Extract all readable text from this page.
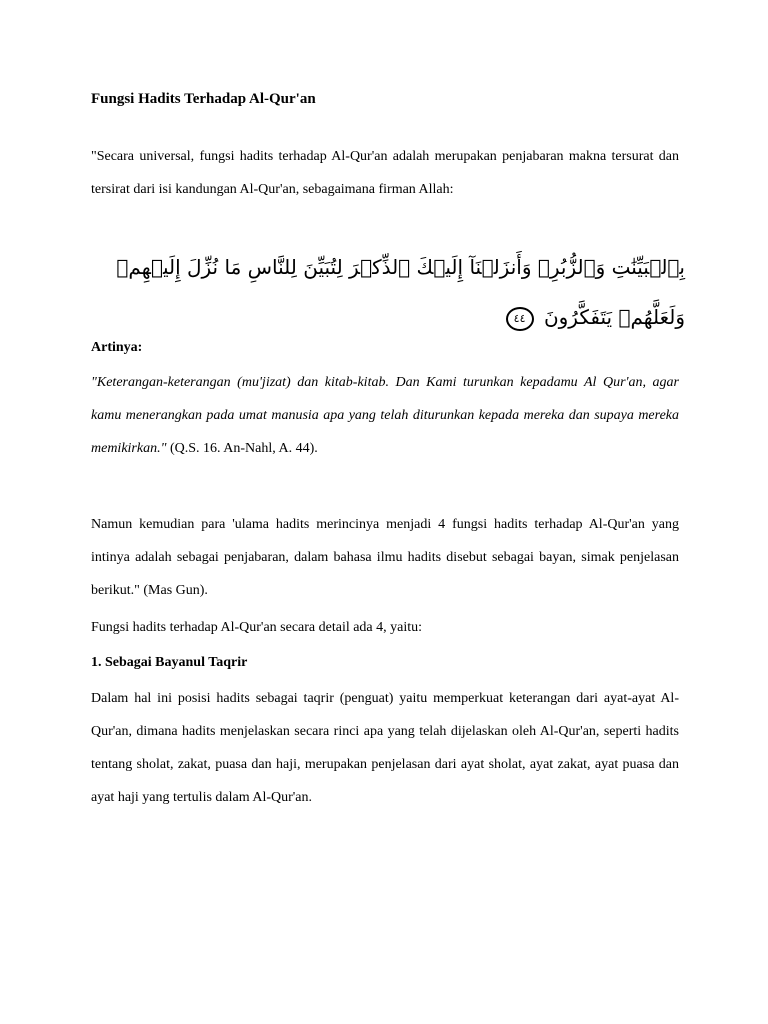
Fungsi Hadits Terhadap Al-Qur'an

"Secara universal, fungsi hadits terhadap Al-Qur'an adalah merupakan penjabaran makna tersurat dan tersirat dari isi kandungan Al-Qur'an, sebagaimana firman Allah:

بِٱلۡبَيِّنَٰتِ وَٱلزُّبُرِۗ وَأَنزَلۡنَآ إِلَيۡكَ ٱلذِّكۡرَ لِتُبَيِّنَ لِلنَّاسِ مَا نُزِّلَ إِلَيۡهِمۡ وَلَعَلَّهُمۡ يَتَفَكَّرُونَ ٤٤

Artinya:

"Keterangan-keterangan (mu'jizat) dan kitab-kitab. Dan Kami turunkan kepadamu Al Qur'an, agar kamu menerangkan pada umat manusia apa yang telah diturunkan kepada mereka dan supaya mereka memikirkan." (Q.S. 16. An-Nahl, A. 44).

Namun kemudian para 'ulama hadits merincinya menjadi 4 fungsi hadits terhadap Al-Qur'an yang intinya adalah sebagai penjabaran, dalam bahasa ilmu hadits disebut sebagai bayan, simak penjelasan berikut." (Mas Gun).

Fungsi hadits terhadap Al-Qur'an secara detail ada 4, yaitu:

1. Sebagai Bayanul Taqrir

Dalam hal ini posisi hadits sebagai taqrir (penguat) yaitu memperkuat keterangan dari ayat-ayat Al-Qur'an, dimana hadits menjelaskan secara rinci apa yang telah dijelaskan oleh Al-Qur'an, seperti hadits tentang sholat, zakat, puasa dan haji, merupakan penjelasan dari ayat sholat, ayat zakat, ayat puasa dan ayat haji yang tertulis dalam Al-Qur'an.
